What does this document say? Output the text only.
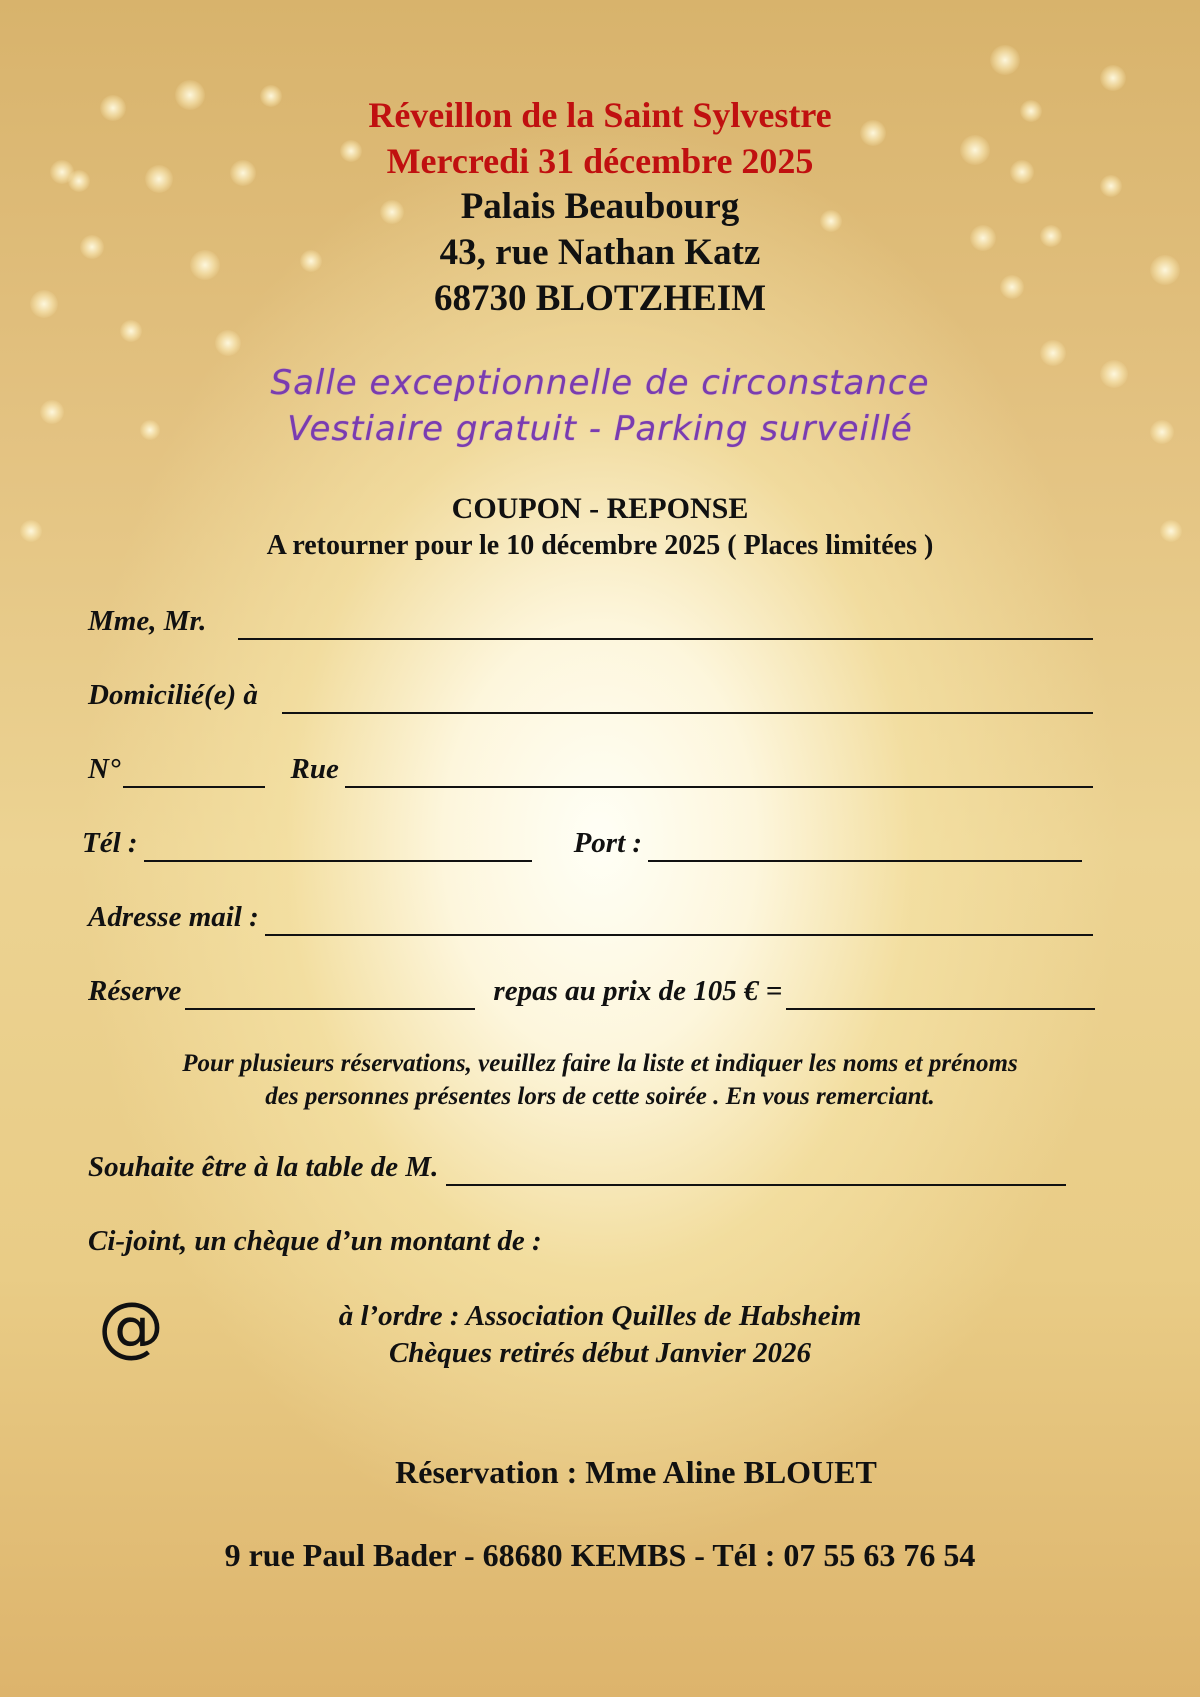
Réveillon de la Saint Sylvestre
Mercredi 31 décembre 2025
Palais Beaubourg
43, rue Nathan Katz
68730 BLOTZHEIM
Salle exceptionnelle de circonstance
Vestiaire gratuit - Parking surveillé
COUPON - REPONSE
A retourner pour le 10 décembre 2025 ( Places limitées )
Mme, Mr.
Domicilié(e) à
N°	Rue
Tél :	Port :
Adresse mail :
Réserve	repas au prix de 105 € =
Pour plusieurs réservations, veuillez faire la liste et indiquer les noms et prénoms
des personnes présentes lors de cette soirée . En vous remerciant.
Souhaite être à la table de M.
Ci-joint, un chèque d’un montant de :
@	à l’ordre : Association Quilles de Habsheim
Chèques retirés début Janvier 2026
Réservation : Mme Aline BLOUET
9 rue Paul Bader - 68680 KEMBS - Tél : 07 55 63 76 54
